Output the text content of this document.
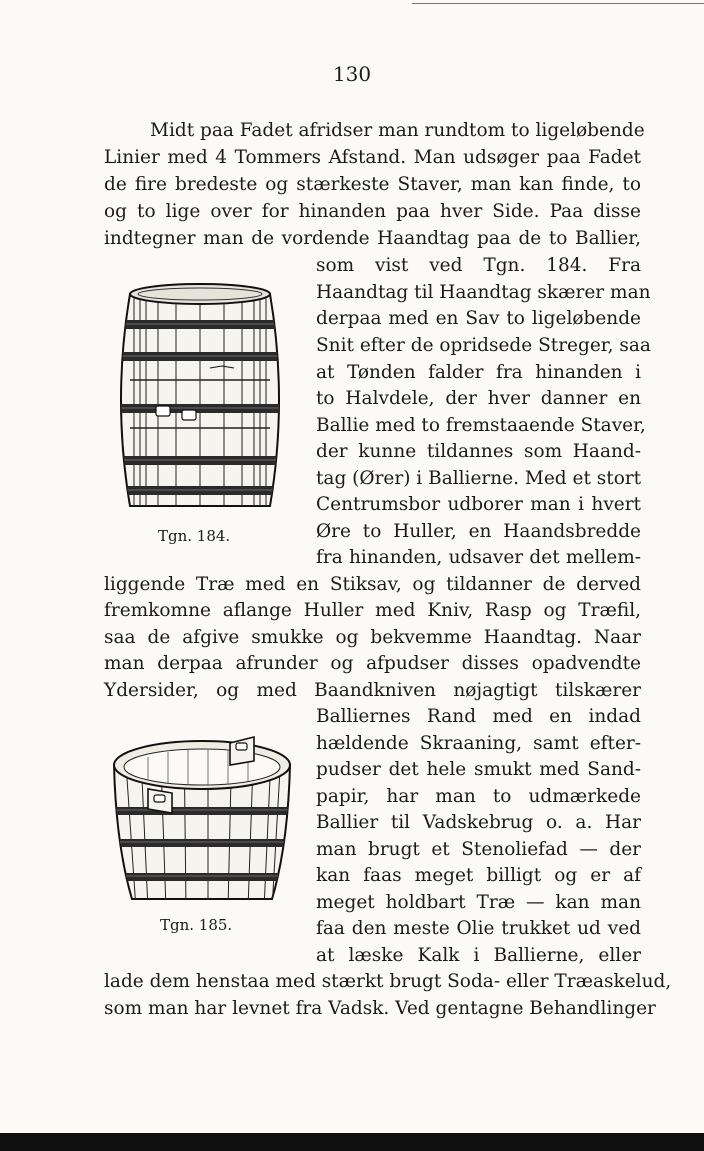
130
Midt paa Fadet afridser man rundtom to ligeløbende
Linier med 4 Tommers Afstand. Man udsøger paa Fadet
de fire bredeste og stærkeste Staver, man kan finde, to
og to lige over for hinanden paa hver Side. Paa disse
indtegner man de vordende Haandtag paa de to Ballier,
som vist ved Tgn. 184. Fra
Haandtag til Haandtag skærer man
derpaa med en Sav to ligeløbende
Snit efter de opridsede Streger, saa
at Tønden falder fra hinanden i
to Halvdele, der hver danner en
Ballie med to fremstaaende Staver,
der kunne tildannes som Haand-
tag (Ører) i Ballierne. Med et stort
Centrumsbor udborer man i hvert
Øre to Huller, en Haandsbredde
fra hinanden, udsaver det mellem-
liggende Træ med en Stiksav, og tildanner de derved
fremkomne aflange Huller med Kniv, Rasp og Træfil,
saa de afgive smukke og bekvemme Haandtag. Naar
man derpaa afrunder og afpudser disses opadvendte
Ydersider, og med Baandkniven nøjagtigt tilskærer
Balliernes Rand med en indad
hældende Skraaning, samt efter-
pudser det hele smukt med Sand-
papir, har man to udmærkede
Ballier til Vadskebrug o. a. Har
man brugt et Stenoliefad — der
kan faas meget billigt og er af
meget holdbart Træ — kan man
faa den meste Olie trukket ud ved
at læske Kalk i Ballierne, eller
lade dem henstaa med stærkt brugt Soda- eller Træaskelud,
som man har levnet fra Vadsk. Ved gentagne Behandlinger
Tgn. 184.
Tgn. 185.
